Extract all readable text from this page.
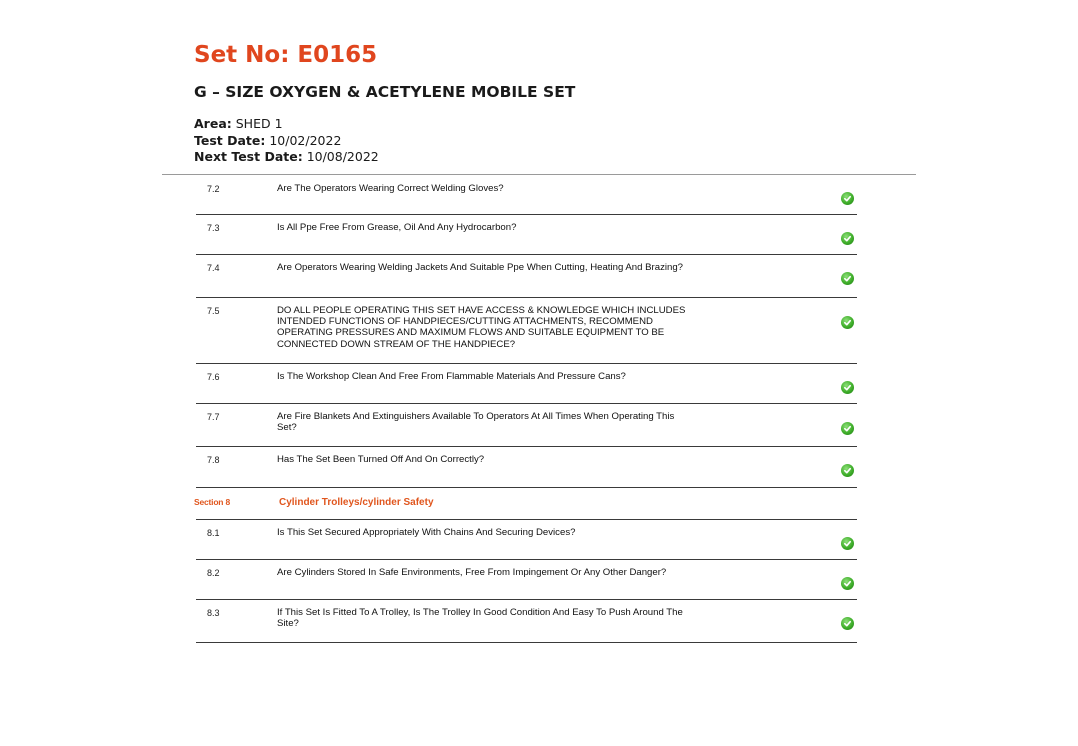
Set No: E0165
G – SIZE OXYGEN & ACETYLENE MOBILE SET
Area: SHED 1
Test Date: 10/02/2022
Next Test Date: 10/08/2022
7.2	Are The Operators Wearing Correct Welding Gloves?
7.3	Is All Ppe Free From Grease, Oil And Any Hydrocarbon?
7.4	Are Operators Wearing Welding Jackets And Suitable Ppe When Cutting, Heating And Brazing?
7.5	DO ALL PEOPLE OPERATING THIS SET HAVE ACCESS & KNOWLEDGE WHICH INCLUDES INTENDED FUNCTIONS OF HANDPIECES/CUTTING ATTACHMENTS, RECOMMEND OPERATING PRESSURES AND MAXIMUM FLOWS AND SUITABLE EQUIPMENT TO BE CONNECTED DOWN STREAM OF THE HANDPIECE?
7.6	Is The Workshop Clean And Free From Flammable Materials And Pressure Cans?
7.7	Are Fire Blankets And Extinguishers Available To Operators At All Times When Operating This Set?
7.8	Has The Set Been Turned Off And On Correctly?
Section 8	Cylinder Trolleys/cylinder Safety
8.1	Is This Set Secured Appropriately With Chains And Securing Devices?
8.2	Are Cylinders Stored In Safe Environments, Free From Impingement Or Any Other Danger?
8.3	If This Set Is Fitted To A Trolley, Is The Trolley In Good Condition And Easy To Push Around The Site?
